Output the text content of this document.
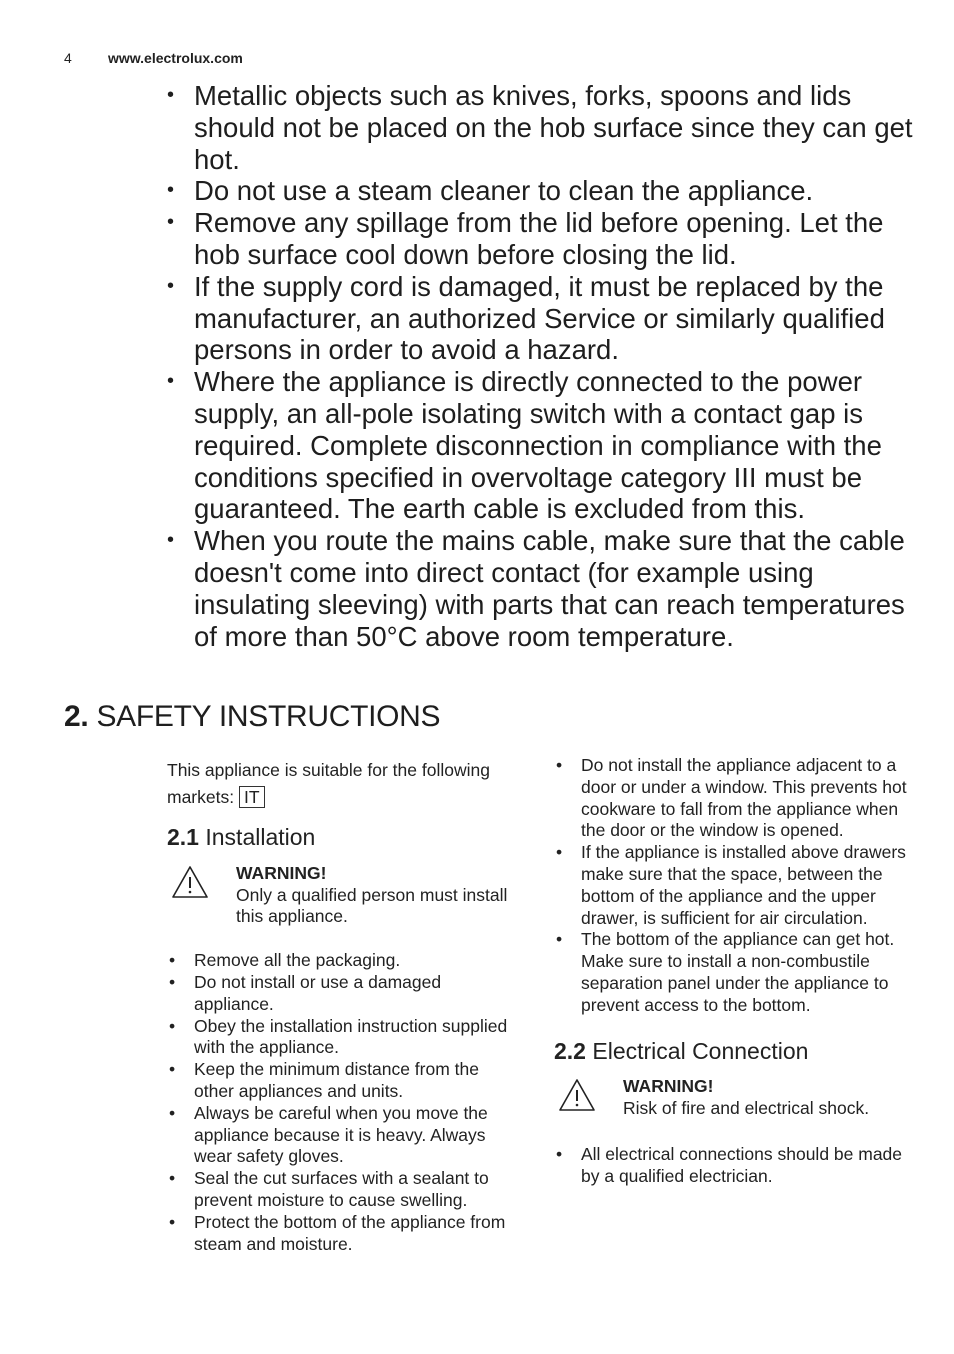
4	www.electrolux.com
• Metallic objects such as knives, forks, spoons and lids should not be placed on the hob surface since they can get hot.
• Do not use a steam cleaner to clean the appliance.
• Remove any spillage from the lid before opening. Let the hob surface cool down before closing the lid.
• If the supply cord is damaged, it must be replaced by the manufacturer, an authorized Service or similarly qualified persons in order to avoid a hazard.
• Where the appliance is directly connected to the power supply, an all-pole isolating switch with a contact gap is required. Complete disconnection in compliance with the conditions specified in overvoltage category III must be guaranteed. The earth cable is excluded from this.
• When you route the mains cable, make sure that the cable doesn't come into direct contact (for example using insulating sleeving) with parts that can reach temperatures of more than 50°C above room temperature.
2. SAFETY INSTRUCTIONS

This appliance is suitable for the following markets: IT

2.1 Installation
WARNING!
Only a qualified person must install this appliance.
• Remove all the packaging.
• Do not install or use a damaged appliance.
• Obey the installation instruction supplied with the appliance.
• Keep the minimum distance from the other appliances and units.
• Always be careful when you move the appliance because it is heavy. Always wear safety gloves.
• Seal the cut surfaces with a sealant to prevent moisture to cause swelling.
• Protect the bottom of the appliance from steam and moisture.
• Do not install the appliance adjacent to a door or under a window. This prevents hot cookware to fall from the appliance when the door or the window is opened.
• If the appliance is installed above drawers make sure that the space, between the bottom of the appliance and the upper drawer, is sufficient for air circulation.
• The bottom of the appliance can get hot. Make sure to install a non-combustile separation panel under the appliance to prevent access to the bottom.
2.2 Electrical Connection
WARNING!
Risk of fire and electrical shock.
• All electrical connections should be made by a qualified electrician.
